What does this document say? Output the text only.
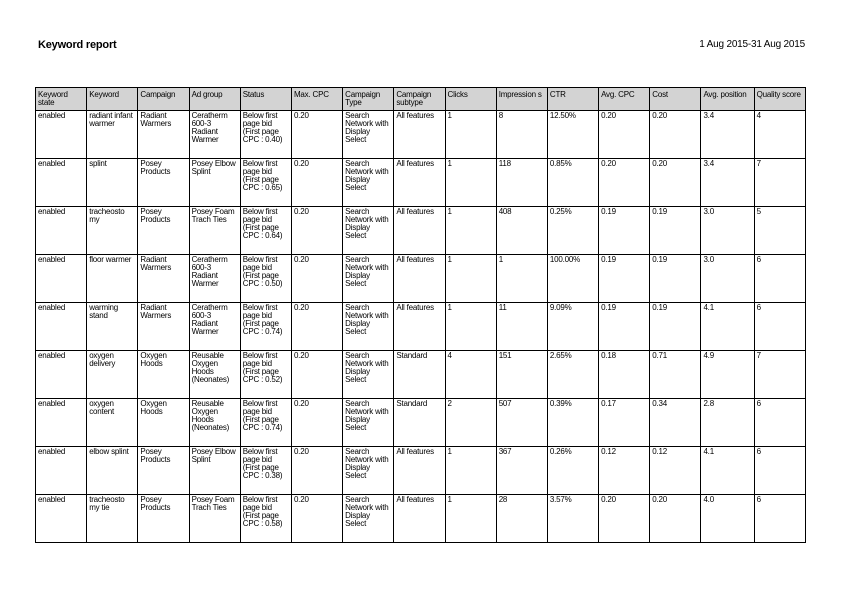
Keyword report	1 Aug 2015-31 Aug 2015
Keyword state	Keyword	Campaign	Ad group	Status	Max. CPC	Campaign Type	Campaign subtype	Clicks	Impression s	CTR	Avg. CPC	Cost	Avg. position	Quality score
enabled	radiant infant warmer	Radiant Warmers	Ceratherm 600-3 Radiant Warmer	Below first page bid (First page CPC : 0.40)	0.20	Search Network with Display Select	All features	1	8	12.50%	0.20	0.20	3.4	4
enabled	splint	Posey Products	Posey Elbow Splint	Below first page bid (First page CPC : 0.65)	0.20	Search Network with Display Select	All features	1	118	0.85%	0.20	0.20	3.4	7
enabled	tracheosto my	Posey Products	Posey Foam Trach Ties	Below first page bid (First page CPC : 0.64)	0.20	Search Network with Display Select	All features	1	408	0.25%	0.19	0.19	3.0	5
enabled	floor warmer	Radiant Warmers	Ceratherm 600-3 Radiant Warmer	Below first page bid (First page CPC : 0.50)	0.20	Search Network with Display Select	All features	1	1	100.00%	0.19	0.19	3.0	6
enabled	warming stand	Radiant Warmers	Ceratherm 600-3 Radiant Warmer	Below first page bid (First page CPC : 0.74)	0.20	Search Network with Display Select	All features	1	11	9.09%	0.19	0.19	4.1	6
enabled	oxygen delivery	Oxygen Hoods	Reusable Oxygen Hoods (Neonates)	Below first page bid (First page CPC : 0.52)	0.20	Search Network with Display Select	Standard	4	151	2.65%	0.18	0.71	4.9	7
enabled	oxygen content	Oxygen Hoods	Reusable Oxygen Hoods (Neonates)	Below first page bid (First page CPC : 0.74)	0.20	Search Network with Display Select	Standard	2	507	0.39%	0.17	0.34	2.8	6
enabled	elbow splint	Posey Products	Posey Elbow Splint	Below first page bid (First page CPC : 0.38)	0.20	Search Network with Display Select	All features	1	367	0.26%	0.12	0.12	4.1	6
enabled	tracheosto my tie	Posey Products	Posey Foam Trach Ties	Below first page bid (First page CPC : 0.58)	0.20	Search Network with Display Select	All features	1	28	3.57%	0.20	0.20	4.0	6
